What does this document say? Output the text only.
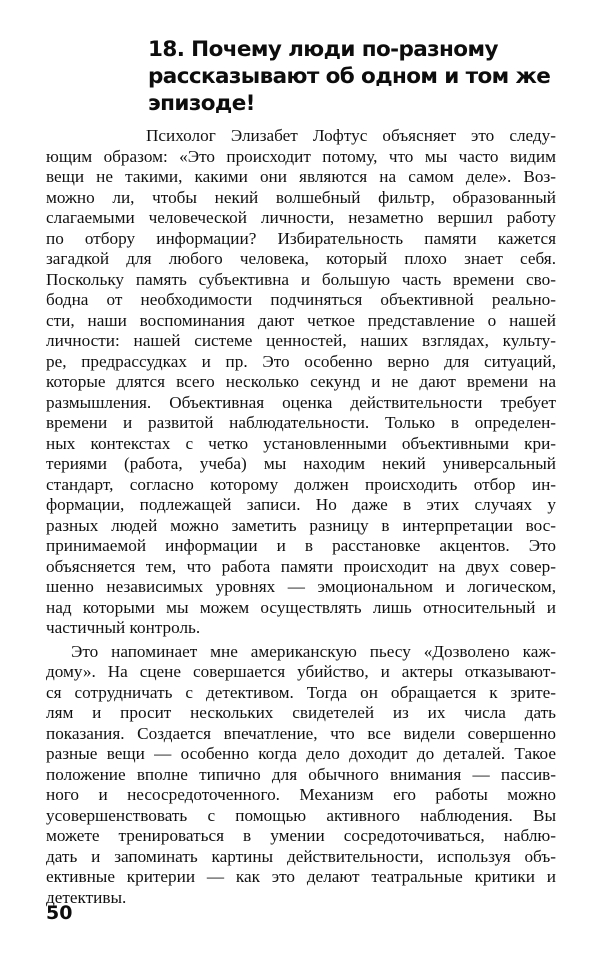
18. Почему люди по-разному
рассказывают об одном и том же
эпизоде!
Психолог Элизабет Лофтус объясняет это следу-
ющим образом: «Это происходит потому, что мы часто видим
вещи не такими, какими они являются на самом деле». Воз-
можно ли, чтобы некий волшебный фильтр, образованный
слагаемыми человеческой личности, незаметно вершил работу
по отбору информации? Избирательность памяти кажется
загадкой для любого человека, который плохо знает себя.
Поскольку память субъективна и большую часть времени сво-
бодна от необходимости подчиняться объективной реально-
сти, наши воспоминания дают четкое представление о нашей
личности: нашей системе ценностей, наших взглядах, культу-
ре, предрассудках и пр. Это особенно верно для ситуаций,
которые длятся всего несколько секунд и не дают времени на
размышления. Объективная оценка действительности требует
времени и развитой наблюдательности. Только в определен-
ных контекстах с четко установленными объективными кри-
териями (работа, учеба) мы находим некий универсальный
стандарт, согласно которому должен происходить отбор ин-
формации, подлежащей записи. Но даже в этих случаях у
разных людей можно заметить разницу в интерпретации вос-
принимаемой информации и в расстановке акцентов. Это
объясняется тем, что работа памяти происходит на двух совер-
шенно независимых уровнях — эмоциональном и логическом,
над которыми мы можем осуществлять лишь относительный и
частичный контроль.
Это напоминает мне американскую пьесу «Дозволено каж-
дому». На сцене совершается убийство, и актеры отказывают-
ся сотрудничать с детективом. Тогда он обращается к зрите-
лям и просит нескольких свидетелей из их числа дать
показания. Создается впечатление, что все видели совершенно
разные вещи — особенно когда дело доходит до деталей. Такое
положение вполне типично для обычного внимания — пассив-
ного и несосредоточенного. Механизм его работы можно
усовершенствовать с помощью активного наблюдения. Вы
можете тренироваться в умении сосредоточиваться, наблю-
дать и запоминать картины действительности, используя объ-
ективные критерии — как это делают театральные критики и
детективы.
50
